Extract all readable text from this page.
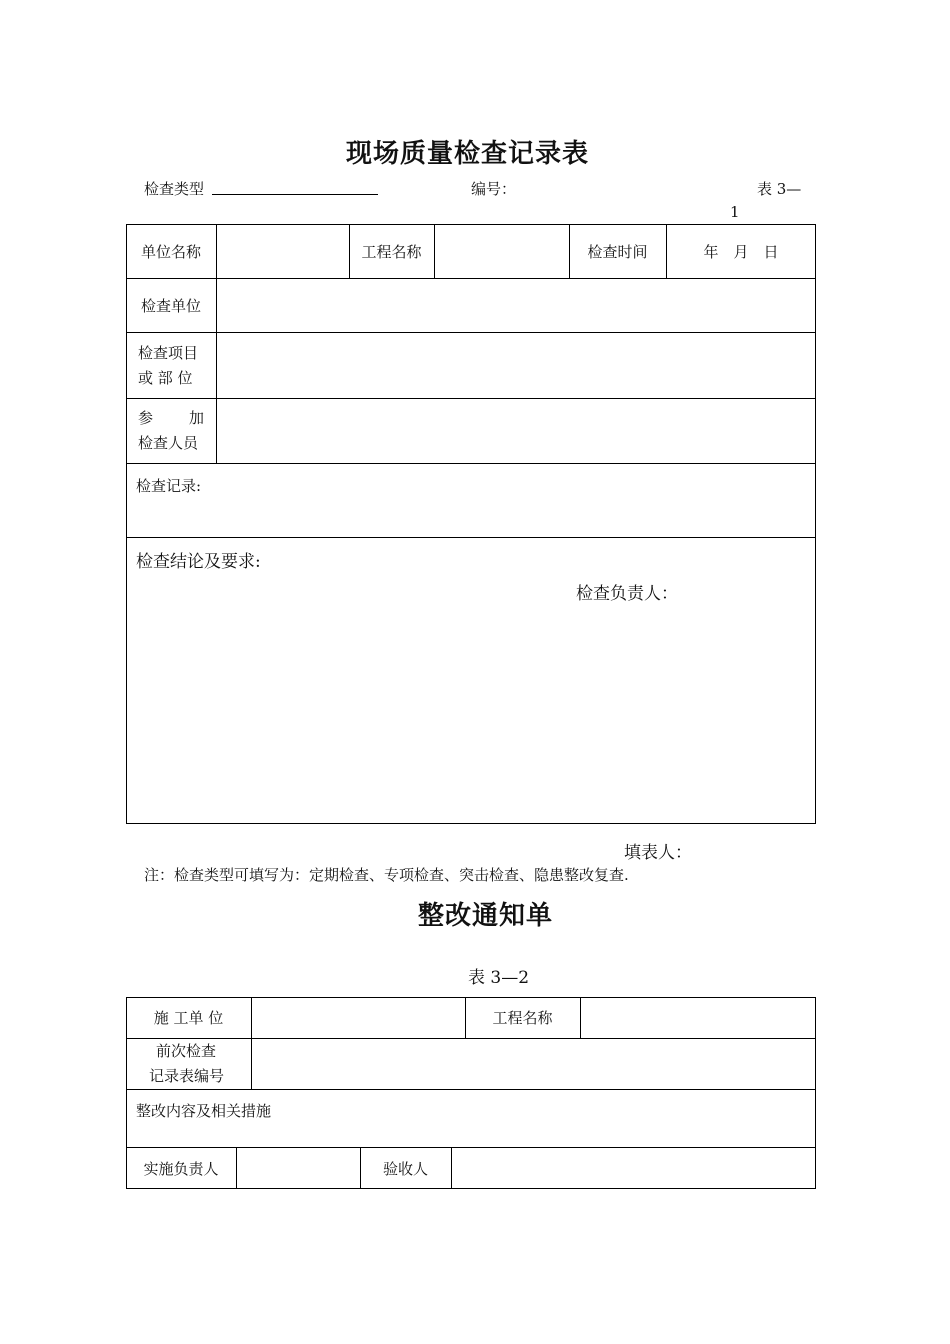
现场质量检查记录表
检查类型	编号：	表 3—
1
单位名称	工程名称	检查时间	年　月　日
检查单位
检查项目
或 部 位
参 加
检查人员
检查记录:
检查结论及要求:
检查负责人：
填表人：
注：检查类型可填写为：定期检查、专项检查、突击检查、隐患整改复查.
整改通知单
表 3—2
施 工单 位	工程名称
前次检查
记录表编号
整改内容及相关措施
实施负责人	验收人
